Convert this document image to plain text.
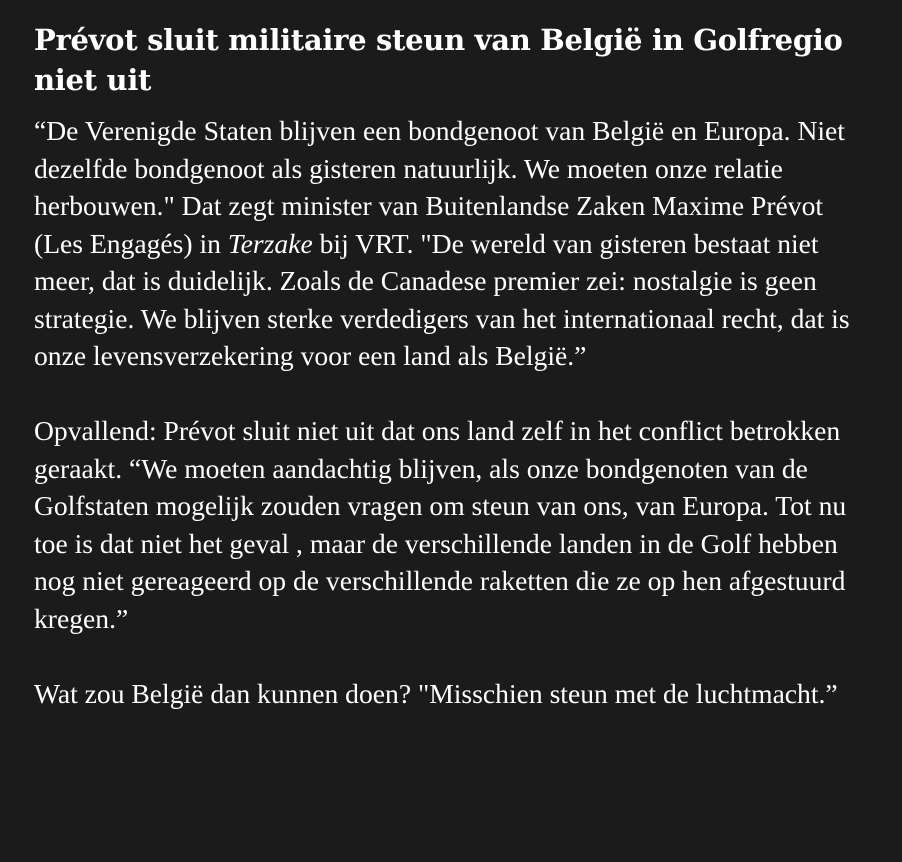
Prévot sluit militaire steun van België in Golfregio niet uit

“De Verenigde Staten blijven een bondgenoot van België en Europa. Niet dezelfde bondgenoot als gisteren natuurlijk. We moeten onze relatie herbouwen." Dat zegt minister van Buitenlandse Zaken Maxime Prévot (Les Engagés) in Terzake bij VRT. "De wereld van gisteren bestaat niet meer, dat is duidelijk. Zoals de Canadese premier zei: nostalgie is geen strategie. We blijven sterke verdedigers van het internationaal recht, dat is onze levensverzekering voor een land als België.”

Opvallend: Prévot sluit niet uit dat ons land zelf in het conflict betrokken geraakt. “We moeten aandachtig blijven, als onze bondgenoten van de Golfstaten mogelijk zouden vragen om steun van ons, van Europa. Tot nu toe is dat niet het geval , maar de verschillende landen in de Golf hebben nog niet gereageerd op de verschillende raketten die ze op hen afgestuurd kregen.”

Wat zou België dan kunnen doen? "Misschien steun met de luchtmacht.”
